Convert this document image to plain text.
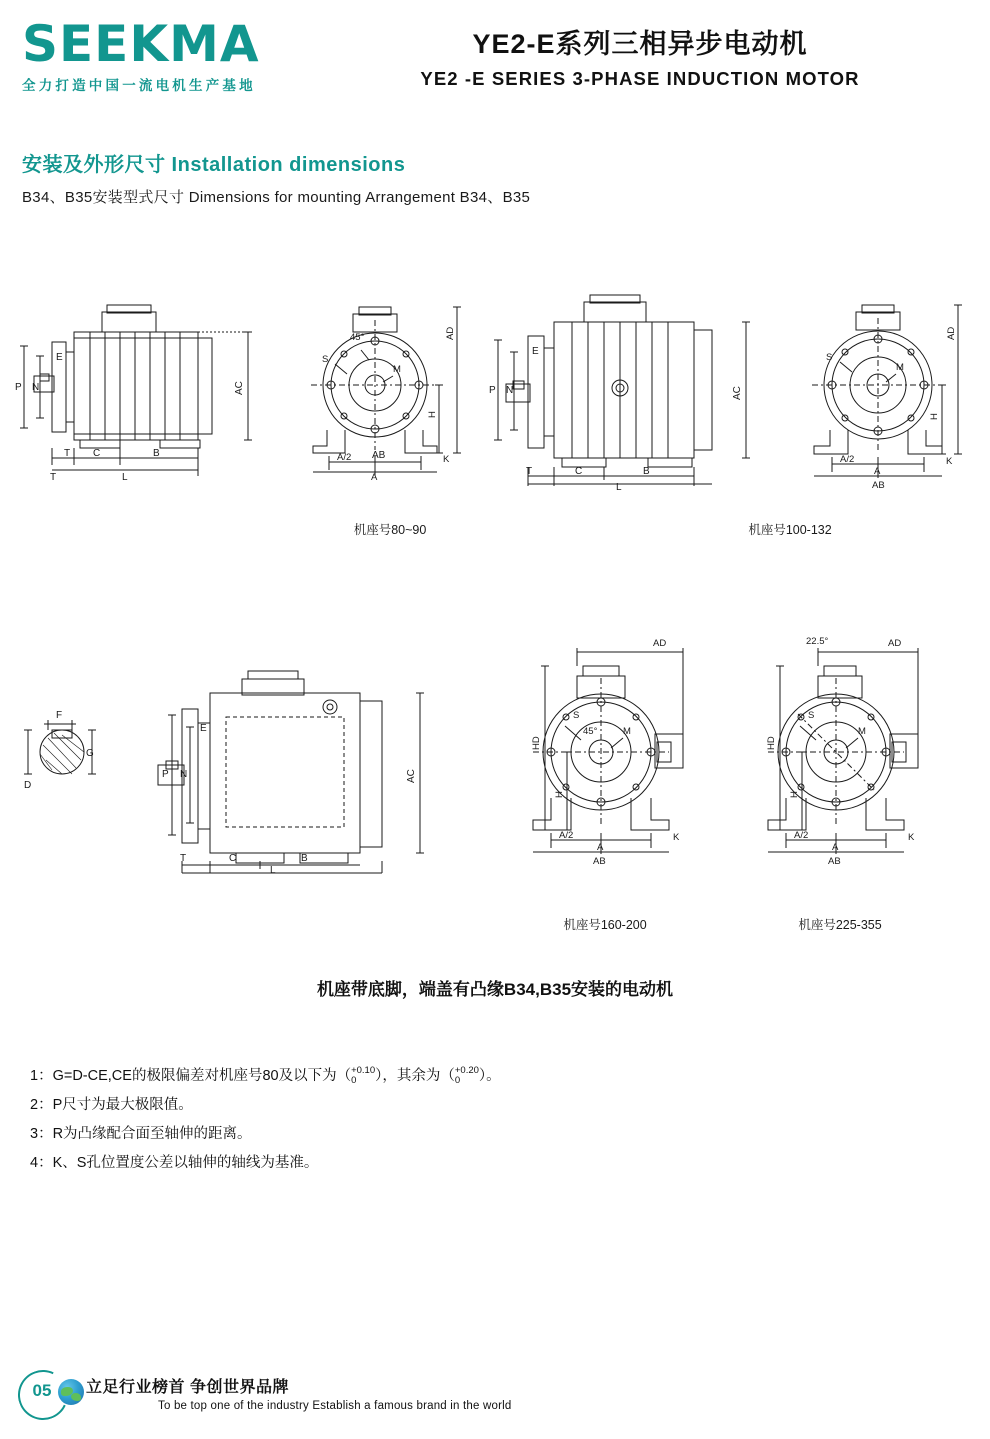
SEEKMA
全力打造中国一流电机生产基地
YE2-E系列三相异步电动机
YE2 -E SERIES 3-PHASE INDUCTION MOTOR
安装及外形尺寸 Installation dimensions
B34、B35安装型式尺寸 Dimensions for mounting Arrangement B34、B35
P N
E
T
C	B
L
AC
T
45°
S
M
AD
H
K
A/2
A
机座号80~90
AB
P N
E
T	C	B
L
AC
S
M
AD
H
K
A/2
A
AB
机座号100-132
F
G
D
P N
E
T	C	B
L
AC
AD
HD
H
S
M
45°
K
A/2
A
AB
机座号160-200
AD
22.5°
HD
H
S
M
K
A/2
A
AB
机座号225-355
机座带底脚，端盖有凸缘B34,B35安装的电动机
1：G=D-CE,CE的极限偏差对机座号80及以下为（ +0.10
0	），其余为（ +0.20
0	）。
2：P尺寸为最大极限值。
3：R为凸缘配合面至轴伸的距离。
4：K、S孔位置度公差以轴伸的轴线为基准。
05	立足行业榜首 争创世界品牌
To be top one of the industry Establish a famous brand in the world
